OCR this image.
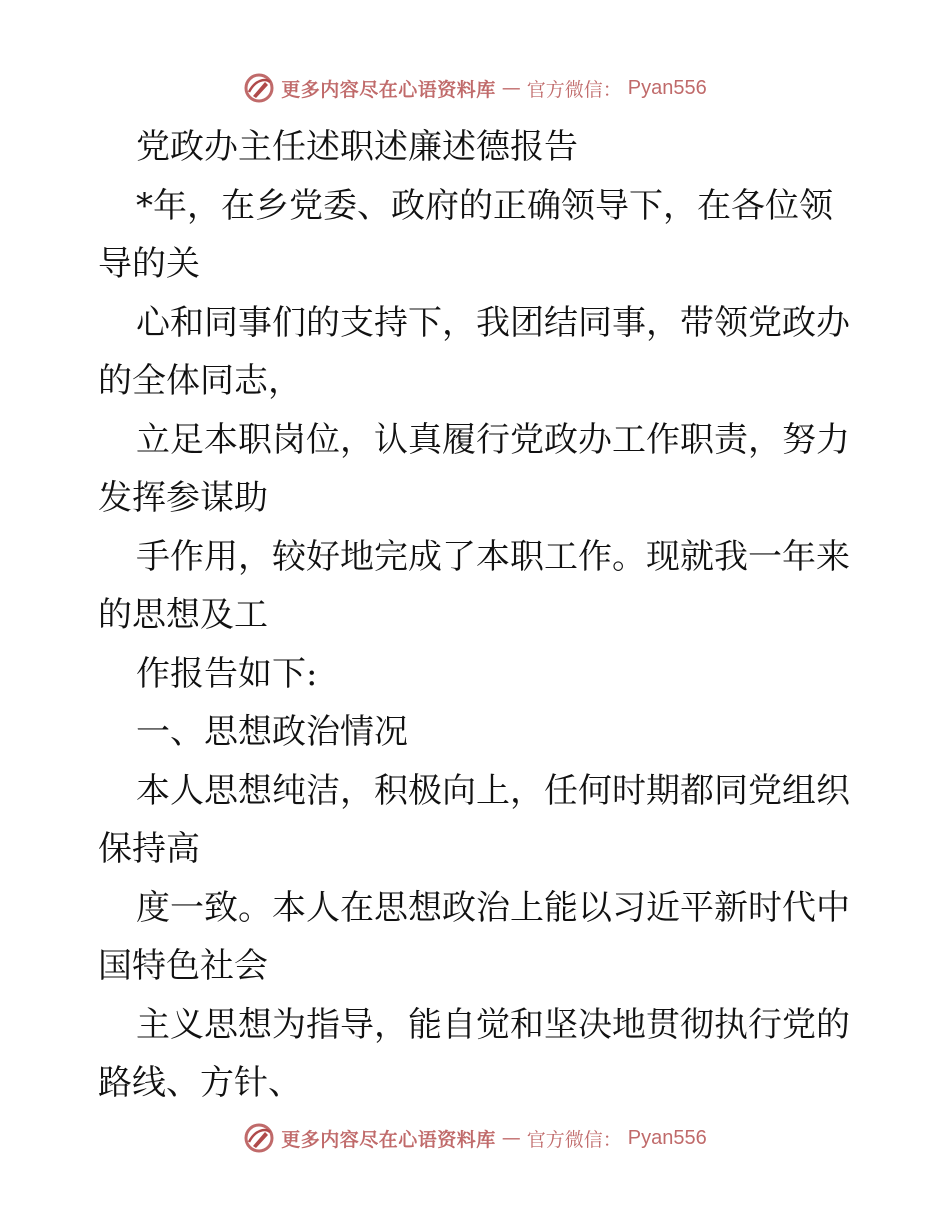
更多内容尽在心语资料库 — 官方微信： Pyan556
党政办主任述职述廉述德报告
*年，在乡党委、政府的正确领导下，在各位领
导的关
心和同事们的支持下，我团结同事，带领党政办
的全体同志，
立足本职岗位，认真履行党政办工作职责，努力
发挥参谋助
手作用，较好地完成了本职工作。现就我一年来
的思想及工
作报告如下:
一、思想政治情况
本人思想纯洁，积极向上，任何时期都同党组织
保持高
度一致。本人在思想政治上能以习近平新时代中
国特色社会
主义思想为指导，能自觉和坚决地贯彻执行党的
路线、方针、
更多内容尽在心语资料库 — 官方微信： Pyan556
